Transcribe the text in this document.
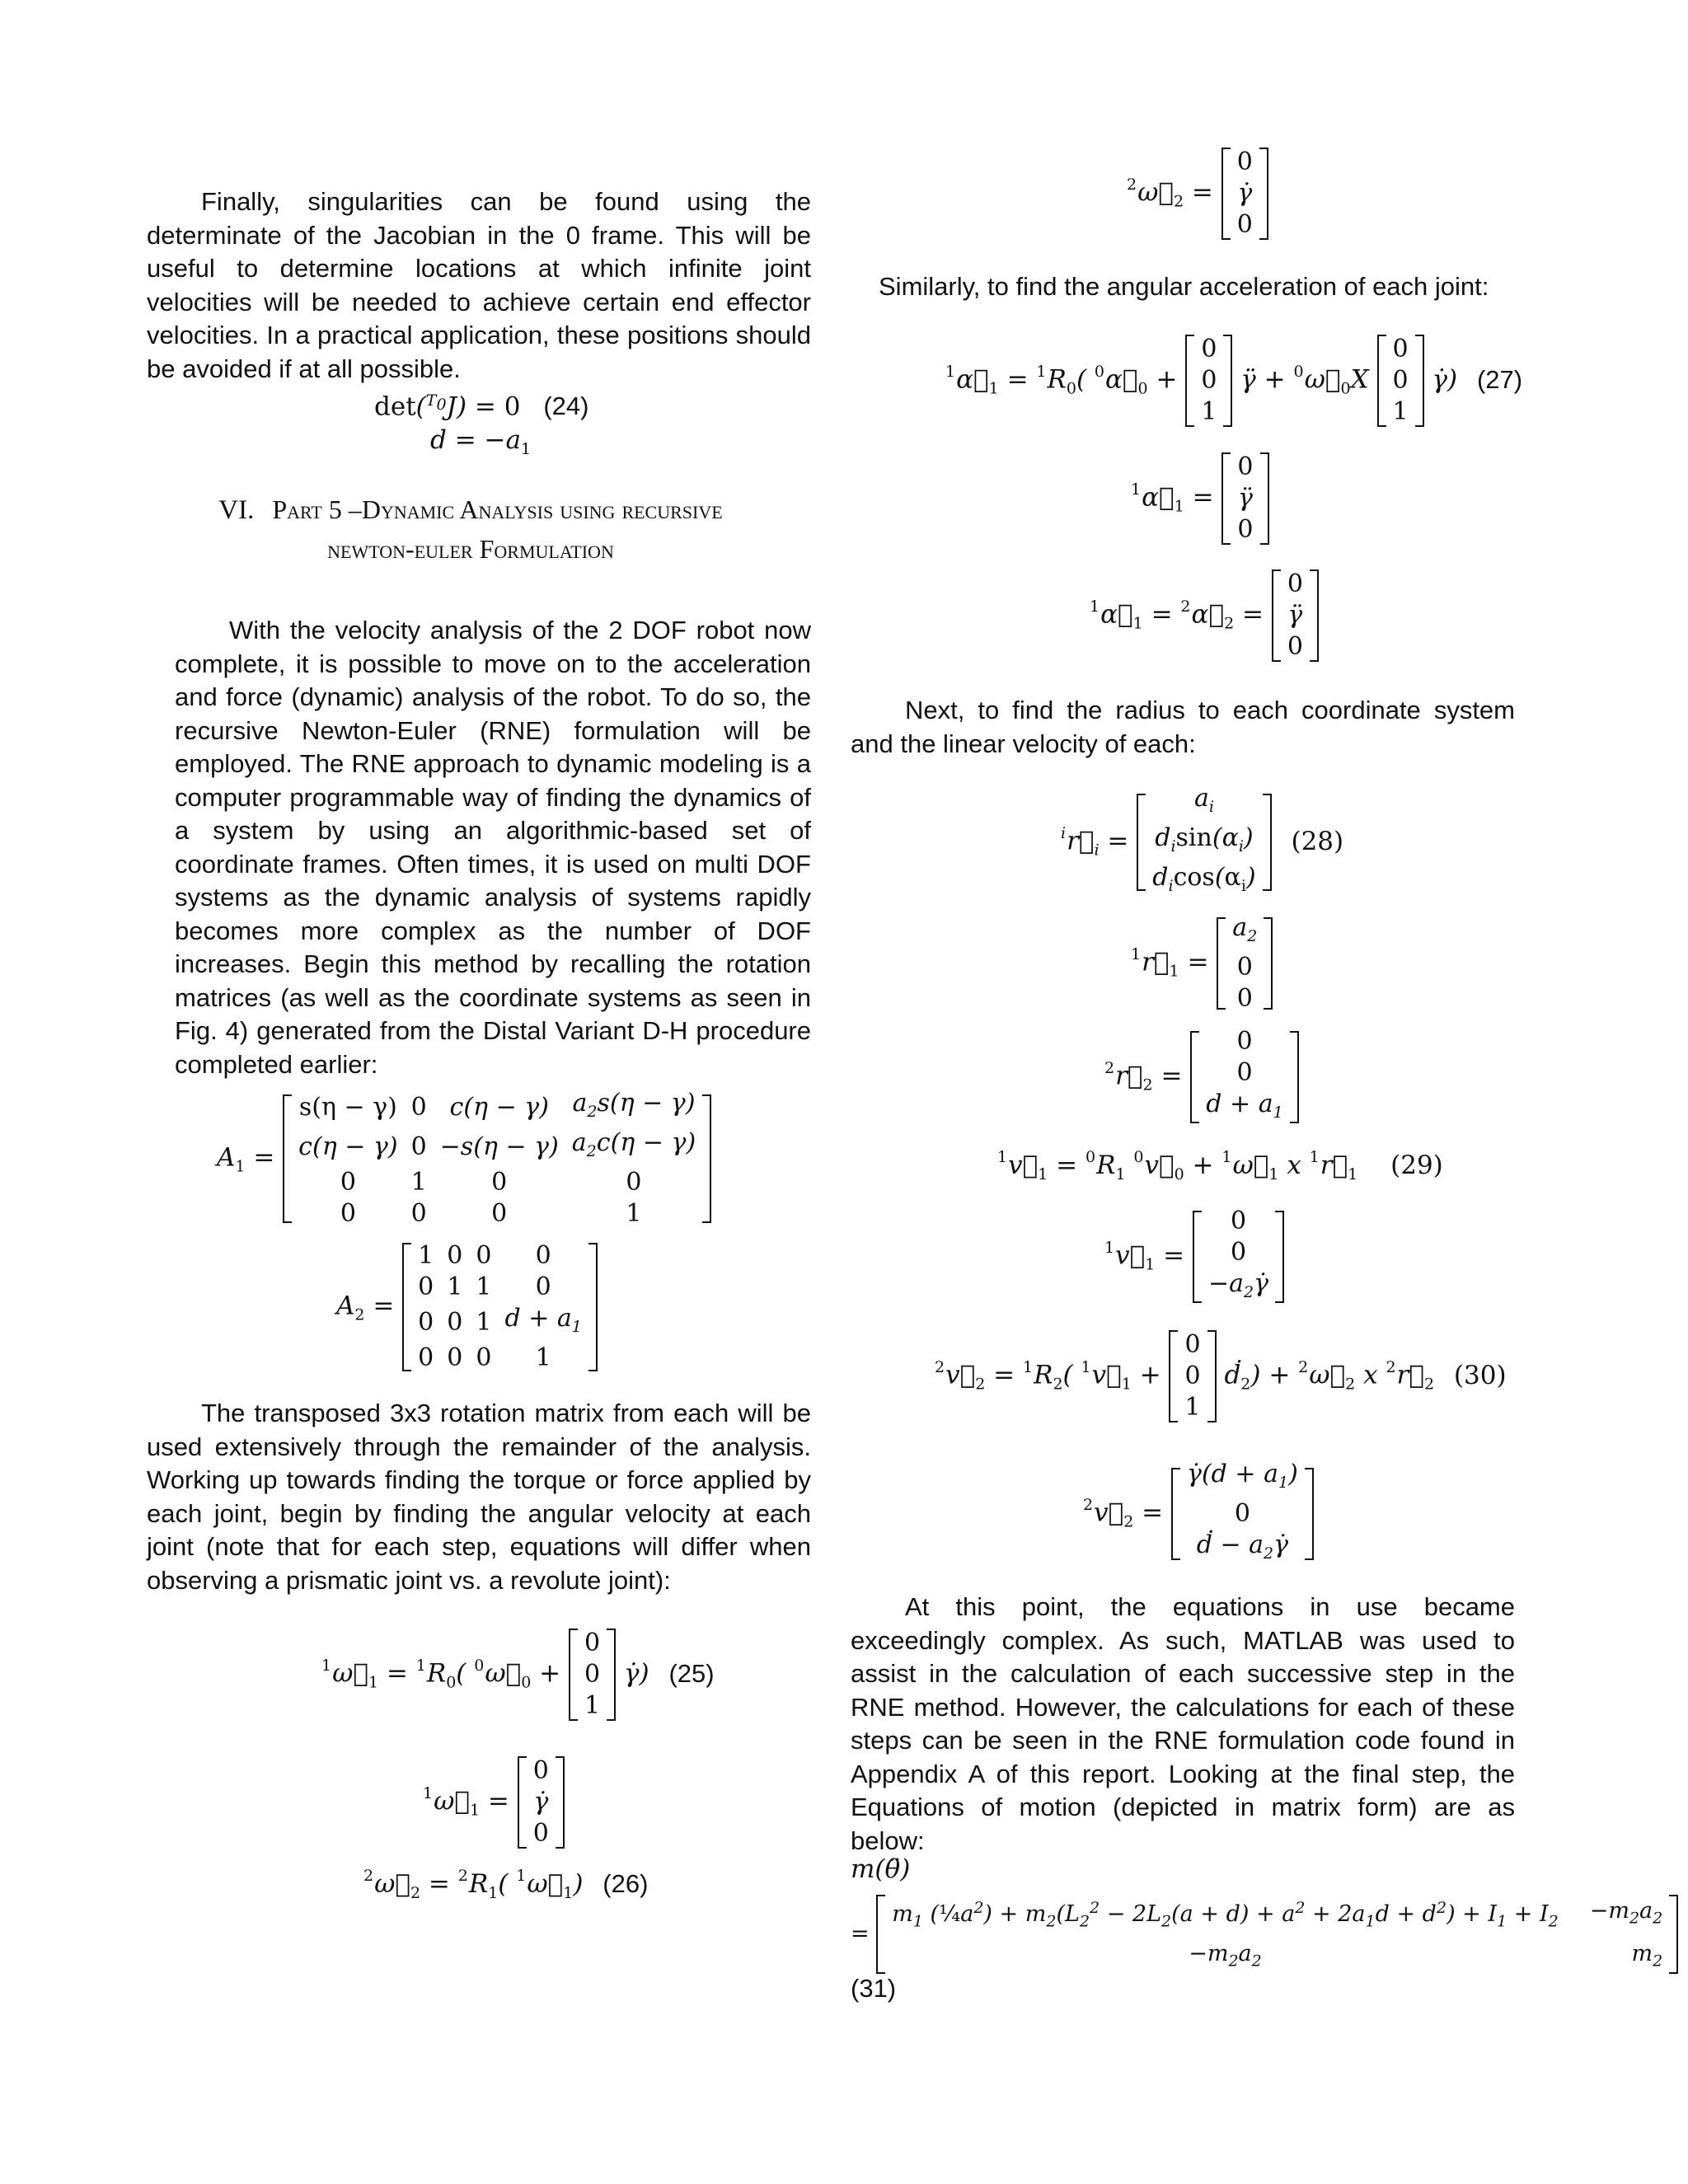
Finally, singularities can be found using the determinate of the Jacobian in the 0 frame. This will be useful to determine locations at which infinite joint velocities will be needed to achieve certain end effector velocities. In a practical application, these positions should be avoided if at all possible.

det($^{T_0}$J) = 0 (24)
$d = -a_1$
VI. Part 5 –Dynamic Analysis using recursive
newton-euler Formulation

With the velocity analysis of the 2 DOF robot now complete, it is possible to move on to the acceleration and force (dynamic) analysis of the robot. To do so, the recursive Newton-Euler (RNE) formulation will be employed. The RNE approach to dynamic modeling is a computer programmable way of finding the dynamics of a system by using an algorithmic-based set of coordinate frames. Often times, it is used on multi DOF systems as the dynamic analysis of systems rapidly becomes more complex as the number of DOF increases. Begin this method by recalling the rotation matrices (as well as the coordinate systems as seen in Fig. 4) generated from the Distal Variant D-H procedure completed earlier:

$A_1$ =
s(η − γ)	0	c(η − γ)	$a_2s(\eta - \gamma)$
c(η − γ)	0	−s(η − γ)	$a_2c(\eta - \gamma)$
0	1	0	0
0	0	0	1
$A_2$ =
1	0	0	0
0	1	1	0
0	0	1	$d + a_1$
0	0	0	1

The transposed 3x3 rotation matrix from each will be used extensively through the remainder of the analysis. Working up towards finding the torque or force applied by each joint, begin by finding the angular velocity at each joint (note that for each step, equations will differ when observing a prismatic joint vs. a revolute joint):

$^1\omega⃗_1 = ^1R_0$( $^0\omega⃗_0$ +
0
0
1
γ̇) (25)
$^1\omega⃗_1$ =
0
γ̇
0
$^2\omega⃗_2 = ^2R_1$( $^1\omega⃗_1$) (26)
$^2\omega⃗_2$ =
0
γ̇
0

Similarly, to find the angular acceleration of each joint:

$^1\alpha⃗_1 = ^1R_0$( $^0\alpha⃗_0$ +
0
0
1
γ̈ + $^0\omega⃗_0X$
0
0
1
γ̇) (27)
$^1\alpha⃗_1$ =
0
γ̈
0
$^1\alpha⃗_1$ = $^2\alpha⃗_2$ =
0
γ̈
0

Next, to find the radius to each coordinate system and the linear velocity of each:

$^ir⃗_i$ =
$a_i$
$d_i\sin(\alpha_i)$
$d_i\cos(\alpha_i)$
(28)
$^1r⃗_1$ =
$a_2$
0
0
$^2r⃗_2$ =
0
0
$d + a_1$
$^1v⃗_1 = ^0R_1$ $^0v⃗_0$ + $^1\omega⃗_1$ x $^1r⃗_1$ (29)
$^1v⃗_1$ =
0
0
$-a_2\gammȧ$
$^2v⃗_2 = ^1R_2$( $^1v⃗_1$ +
0
0
1
ḋ$_2$) + $^2\omega⃗_2$ x $^2r⃗_2$ (30)
$^2v⃗_2$ =
γ̇(d + $a_1$)
0
ḋ − $a_2\gammȧ$

At this point, the equations in use became exceedingly complex. As such, MATLAB was used to assist in the calculation of each successive step in the RNE method. However, the calculations for each of these steps can be seen in the RNE formulation code found in Appendix A of this report. Looking at the final step, the Equations of motion (depicted in matrix form) are as below:

m(θ̈)
=
$m_1$ $(\frac{1}{4}a^2) + m_2(L_2^2 - 2L_2(a + d) + a^2 + 2a_1d + d^2) + I_1 + I_2$	$-m_2a_2$
$-m_2a_2$	$m_2$
(31)
